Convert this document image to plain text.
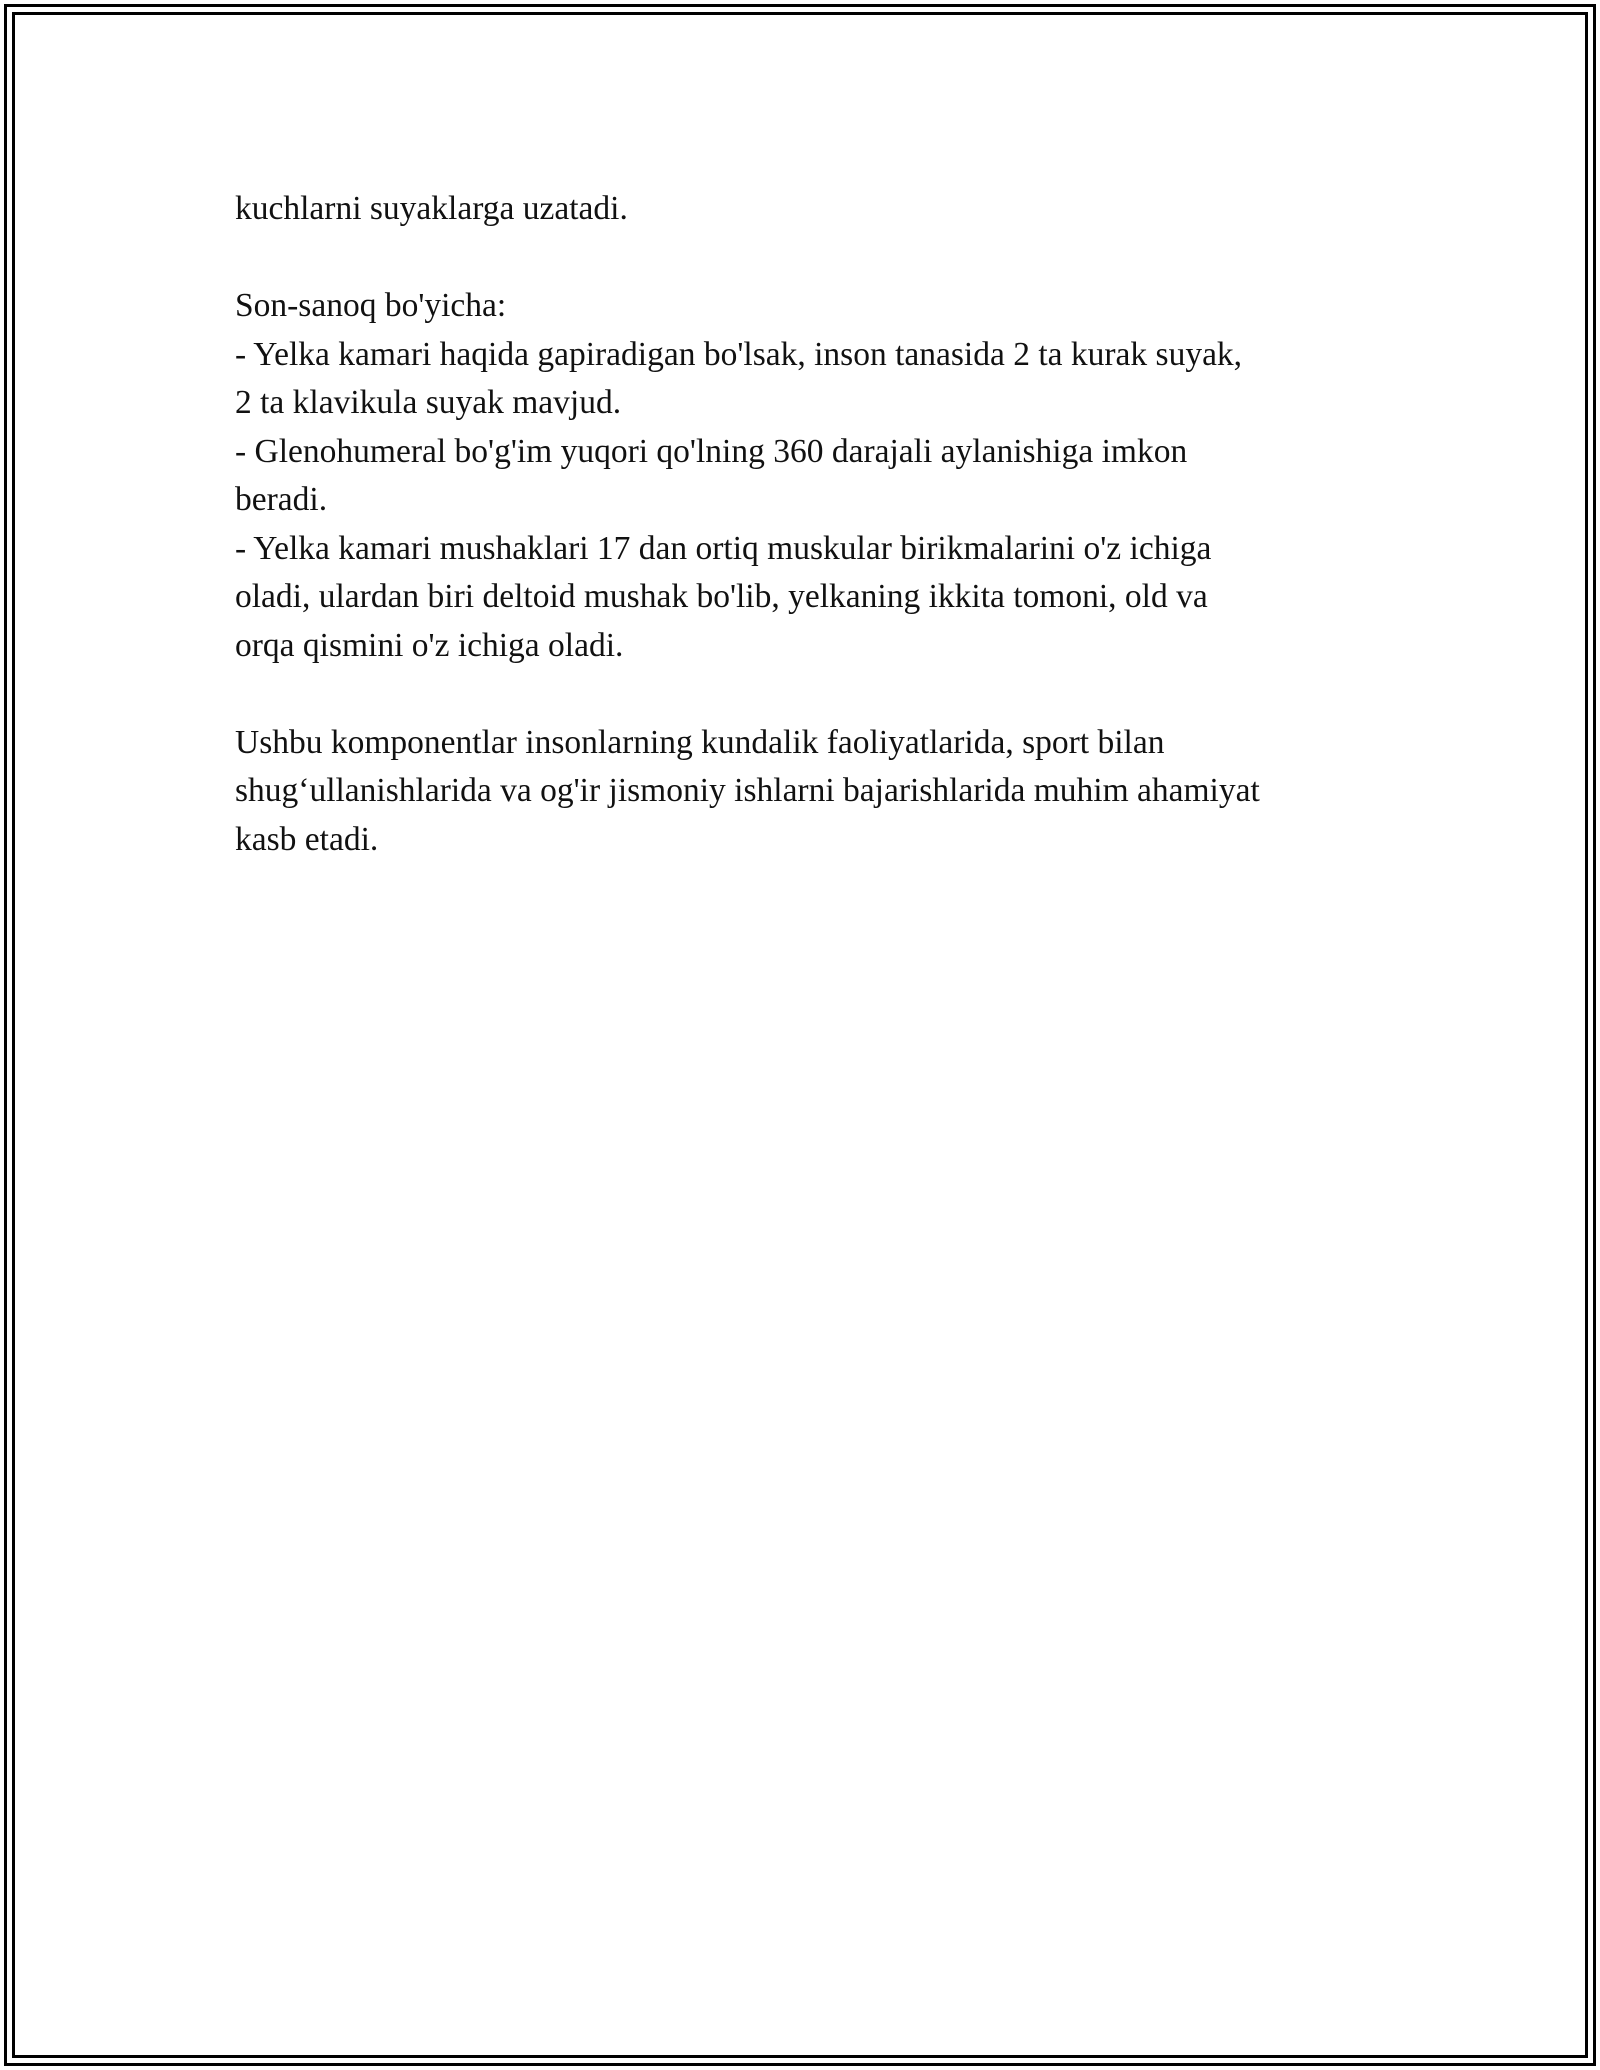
kuchlarni suyaklarga uzatadi.

Son-sanoq bo'yicha:
- Yelka kamari haqida gapiradigan bo'lsak, inson tanasida 2 ta kurak suyak,
2 ta klavikula suyak mavjud.
- Glenohumeral bo'g'im yuqori qo'lning 360 darajali aylanishiga imkon
beradi.
- Yelka kamari mushaklari 17 dan ortiq muskular birikmalarini o'z ichiga
oladi, ulardan biri deltoid mushak bo'lib, yelkaning ikkita tomoni, old va
orqa qismini o'z ichiga oladi.

Ushbu komponentlar insonlarning kundalik faoliyatlarida, sport bilan
shug‘ullanishlarida va og'ir jismoniy ishlarni bajarishlarida muhim ahamiyat
kasb etadi.
